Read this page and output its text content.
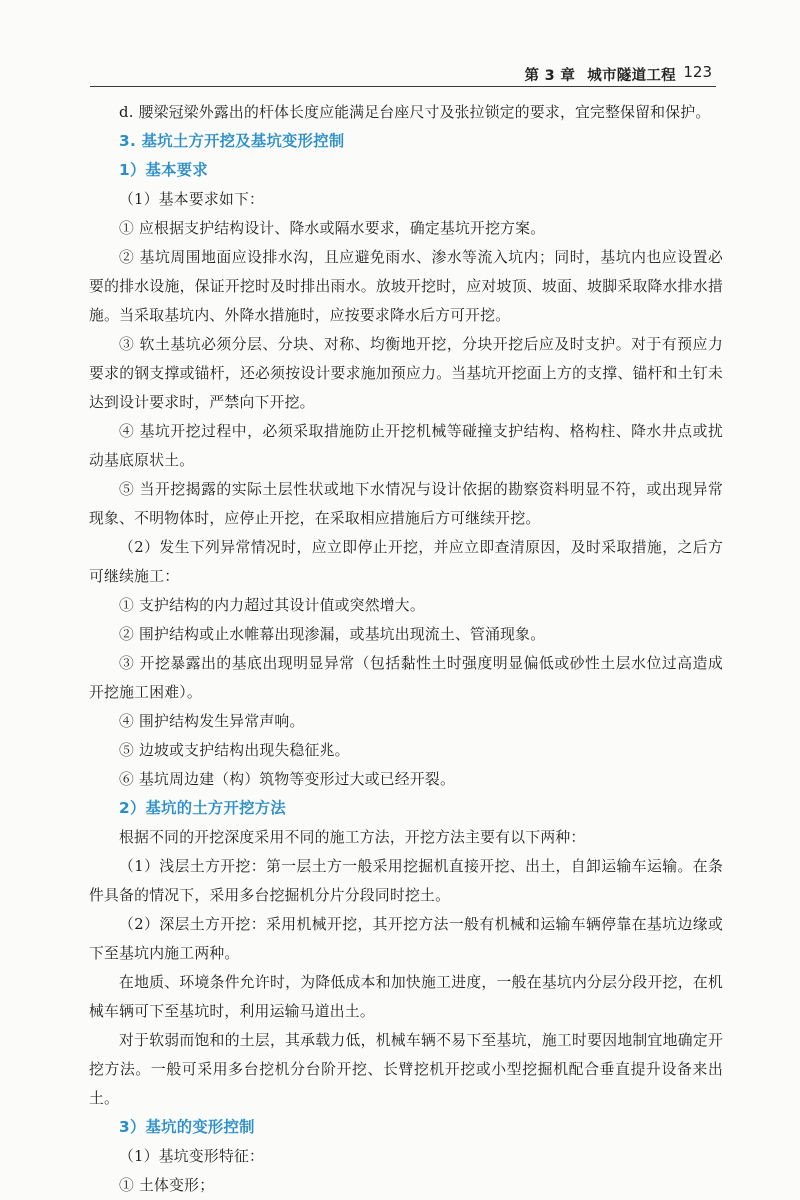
第 3 章 城市隧道工程 123

d. 腰梁冠梁外露出的杆体长度应能满足台座尺寸及张拉锁定的要求，宜完整保留和保护。

3. 基坑土方开挖及基坑变形控制
1）基本要求

（1）基本要求如下：

① 应根据支护结构设计、降水或隔水要求，确定基坑开挖方案。

② 基坑周围地面应设排水沟，且应避免雨水、渗水等流入坑内；同时，基坑内也应设置必要的排水设施，保证开挖时及时排出雨水。放坡开挖时，应对坡顶、坡面、坡脚采取降水排水措施。当采取基坑内、外降水措施时，应按要求降水后方可开挖。

③ 软土基坑必须分层、分块、对称、均衡地开挖，分块开挖后应及时支护。对于有预应力要求的钢支撑或锚杆，还必须按设计要求施加预应力。当基坑开挖面上方的支撑、锚杆和土钉未达到设计要求时，严禁向下开挖。

④ 基坑开挖过程中，必须采取措施防止开挖机械等碰撞支护结构、格构柱、降水井点或扰动基底原状土。

⑤ 当开挖揭露的实际土层性状或地下水情况与设计依据的勘察资料明显不符，或出现异常现象、不明物体时，应停止开挖，在采取相应措施后方可继续开挖。

（2）发生下列异常情况时，应立即停止开挖，并应立即查清原因，及时采取措施，之后方可继续施工：

① 支护结构的内力超过其设计值或突然增大。

② 围护结构或止水帷幕出现渗漏，或基坑出现流土、管涌现象。

③ 开挖暴露出的基底出现明显异常（包括黏性土时强度明显偏低或砂性土层水位过高造成开挖施工困难）。

④ 围护结构发生异常声响。

⑤ 边坡或支护结构出现失稳征兆。

⑥ 基坑周边建（构）筑物等变形过大或已经开裂。

2）基坑的土方开挖方法

根据不同的开挖深度采用不同的施工方法，开挖方法主要有以下两种：

（1）浅层土方开挖：第一层土方一般采用挖掘机直接开挖、出土，自卸运输车运输。在条件具备的情况下，采用多台挖掘机分片分段同时挖土。

（2）深层土方开挖：采用机械开挖，其开挖方法一般有机械和运输车辆停靠在基坑边缘或下至基坑内施工两种。

在地质、环境条件允许时，为降低成本和加快施工进度，一般在基坑内分层分段开挖，在机械车辆可下至基坑时，利用运输马道出土。

对于软弱而饱和的土层，其承载力低，机械车辆不易下至基坑，施工时要因地制宜地确定开挖方法。一般可采用多台挖机分台阶开挖、长臂挖机开挖或小型挖掘机配合垂直提升设备来出土。

3）基坑的变形控制

（1）基坑变形特征：

① 土体变形；
